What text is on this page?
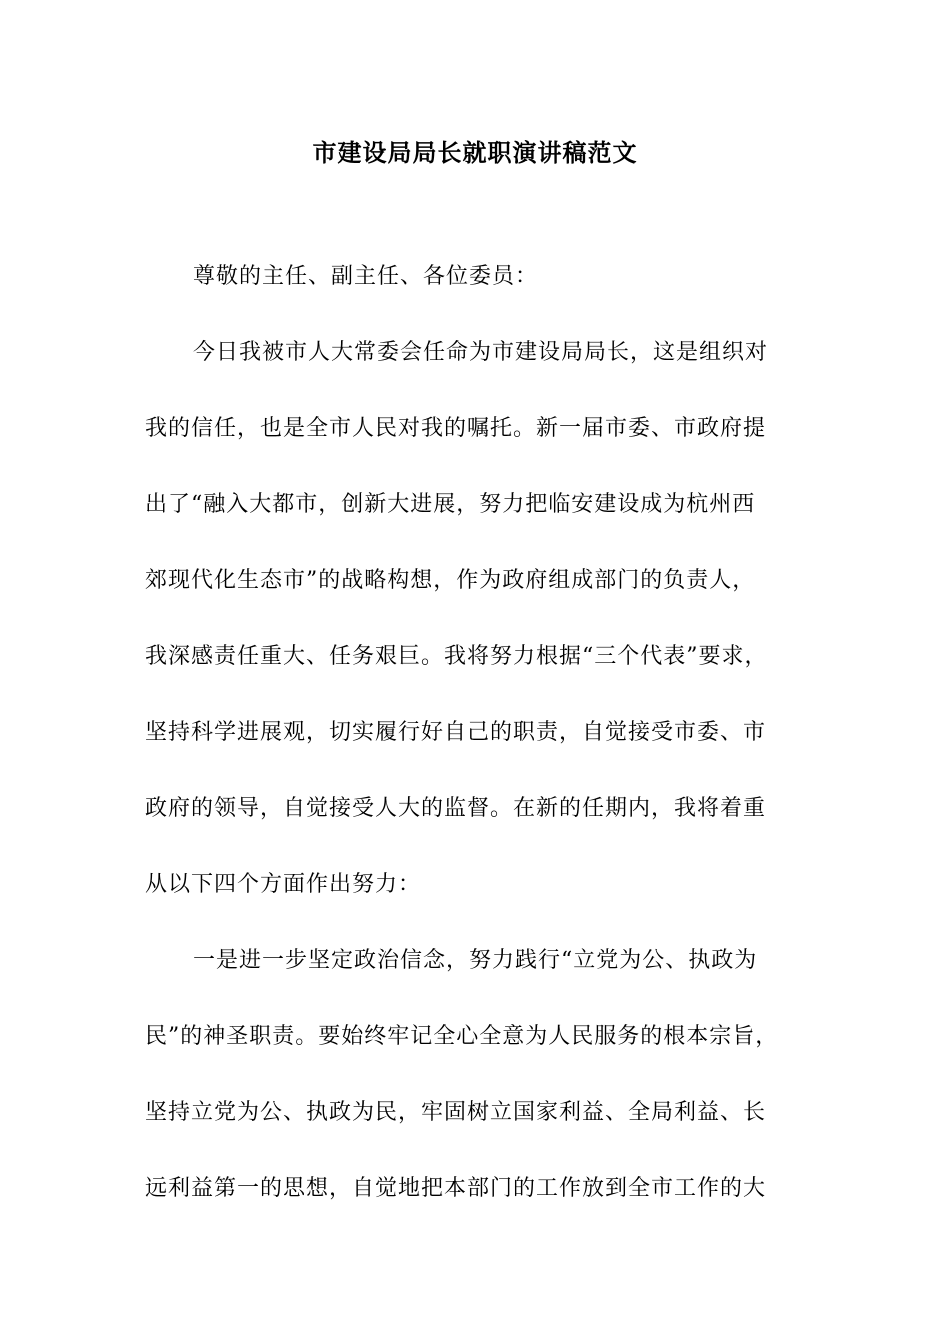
市建设局局长就职演讲稿范文
尊敬的主任、副主任、各位委员：
今日我被市人大常委会任命为市建设局局长，这是组织对
我的信任，也是全市人民对我的嘱托。新一届市委、市政府提
出了“融入大都市，创新大进展，努力把临安建设成为杭州西
郊现代化生态市”的战略构想，作为政府组成部门的负责人，
我深感责任重大、任务艰巨。我将努力根据“三个代表”要求，
坚持科学进展观，切实履行好自己的职责，自觉接受市委、市
政府的领导，自觉接受人大的监督。在新的任期内，我将着重
从以下四个方面作出努力：
一是进一步坚定政治信念，努力践行“立党为公、执政为
民”的神圣职责。要始终牢记全心全意为人民服务的根本宗旨，
坚持立党为公、执政为民，牢固树立国家利益、全局利益、长
远利益第一的思想，自觉地把本部门的工作放到全市工作的大
